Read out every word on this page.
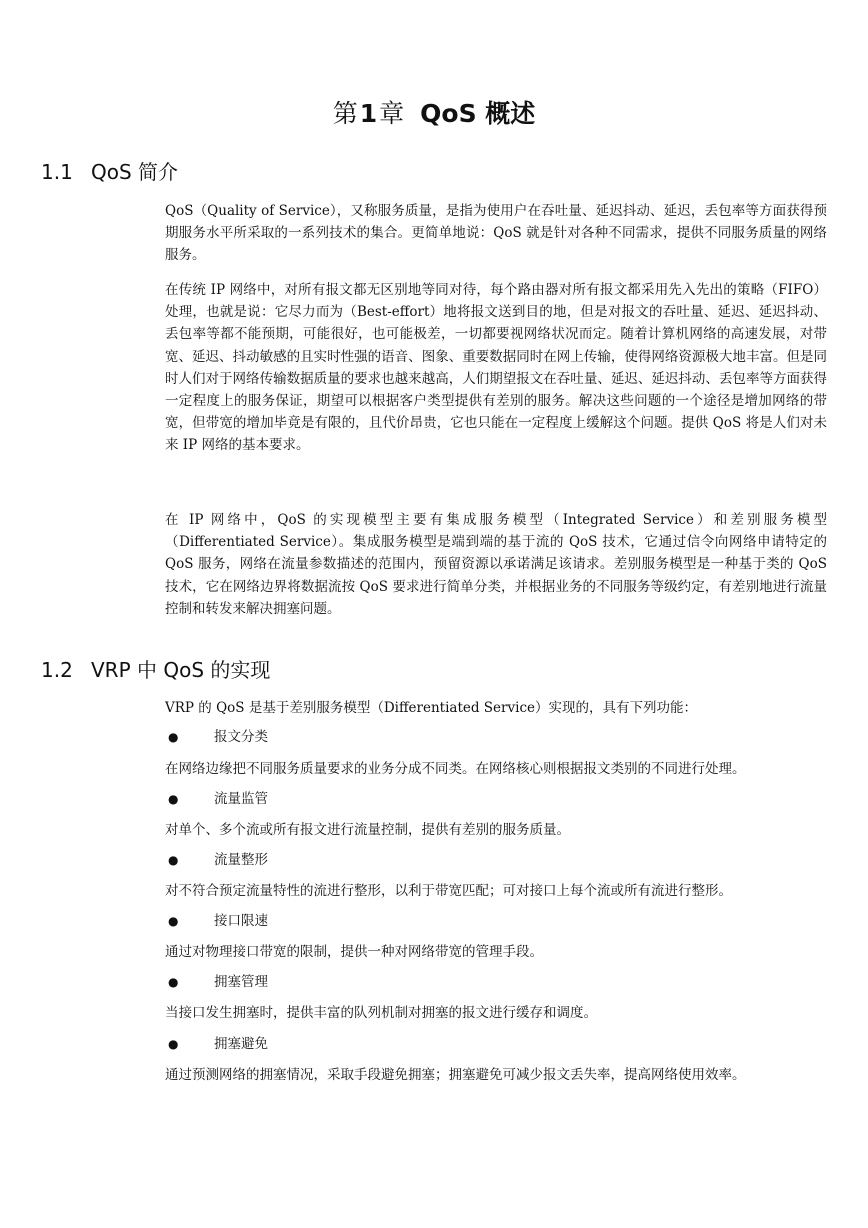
第1章 QoS 概述
1.1 QoS 简介

QoS（Quality of Service），又称服务质量，是指为使用户在吞吐量、延迟抖动、延迟，丢包率等方面获得预期服务水平所采取的一系列技术的集合。更简单地说：QoS 就是针对各种不同需求，提供不同服务质量的网络服务。

在传统 IP 网络中，对所有报文都无区别地等同对待，每个路由器对所有报文都采用先入先出的策略（FIFO）处理，也就是说：它尽力而为（Best-effort）地将报文送到目的地，但是对报文的吞吐量、延迟、延迟抖动、丢包率等都不能预期，可能很好，也可能极差，一切都要视网络状况而定。随着计算机网络的高速发展，对带宽、延迟、抖动敏感的且实时性强的语音、图象、重要数据同时在网上传输，使得网络资源极大地丰富。但是同时人们对于网络传输数据质量的要求也越来越高，人们期望报文在吞吐量、延迟、延迟抖动、丢包率等方面获得一定程度上的服务保证，期望可以根据客户类型提供有差别的服务。解决这些问题的一个途径是增加网络的带宽，但带宽的增加毕竟是有限的，且代价昂贵，它也只能在一定程度上缓解这个问题。提供 QoS 将是人们对未来 IP 网络的基本要求。

在 IP 网络中，QoS 的实现模型主要有集成服务模型（Integrated Service）和差别服务模型（Differentiated Service）。集成服务模型是端到端的基于流的 QoS 技术，它通过信令向网络申请特定的 QoS 服务，网络在流量参数描述的范围内，预留资源以承诺满足该请求。差别服务模型是一种基于类的 QoS 技术，它在网络边界将数据流按 QoS 要求进行简单分类，并根据业务的不同服务等级约定，有差别地进行流量控制和转发来解决拥塞问题。

1.2 VRP 中 QoS 的实现

VRP 的 QoS 是基于差别服务模型（Differentiated Service）实现的，具有下列功能：

●	报文分类

在网络边缘把不同服务质量要求的业务分成不同类。在网络核心则根据报文类别的不同进行处理。

●	流量监管

对单个、多个流或所有报文进行流量控制，提供有差别的服务质量。

●	流量整形

对不符合预定流量特性的流进行整形，以利于带宽匹配；可对接口上每个流或所有流进行整形。

●	接口限速

通过对物理接口带宽的限制，提供一种对网络带宽的管理手段。

●	拥塞管理

当接口发生拥塞时，提供丰富的队列机制对拥塞的报文进行缓存和调度。

●	拥塞避免

通过预测网络的拥塞情况，采取手段避免拥塞；拥塞避免可减少报文丢失率，提高网络使用效率。
